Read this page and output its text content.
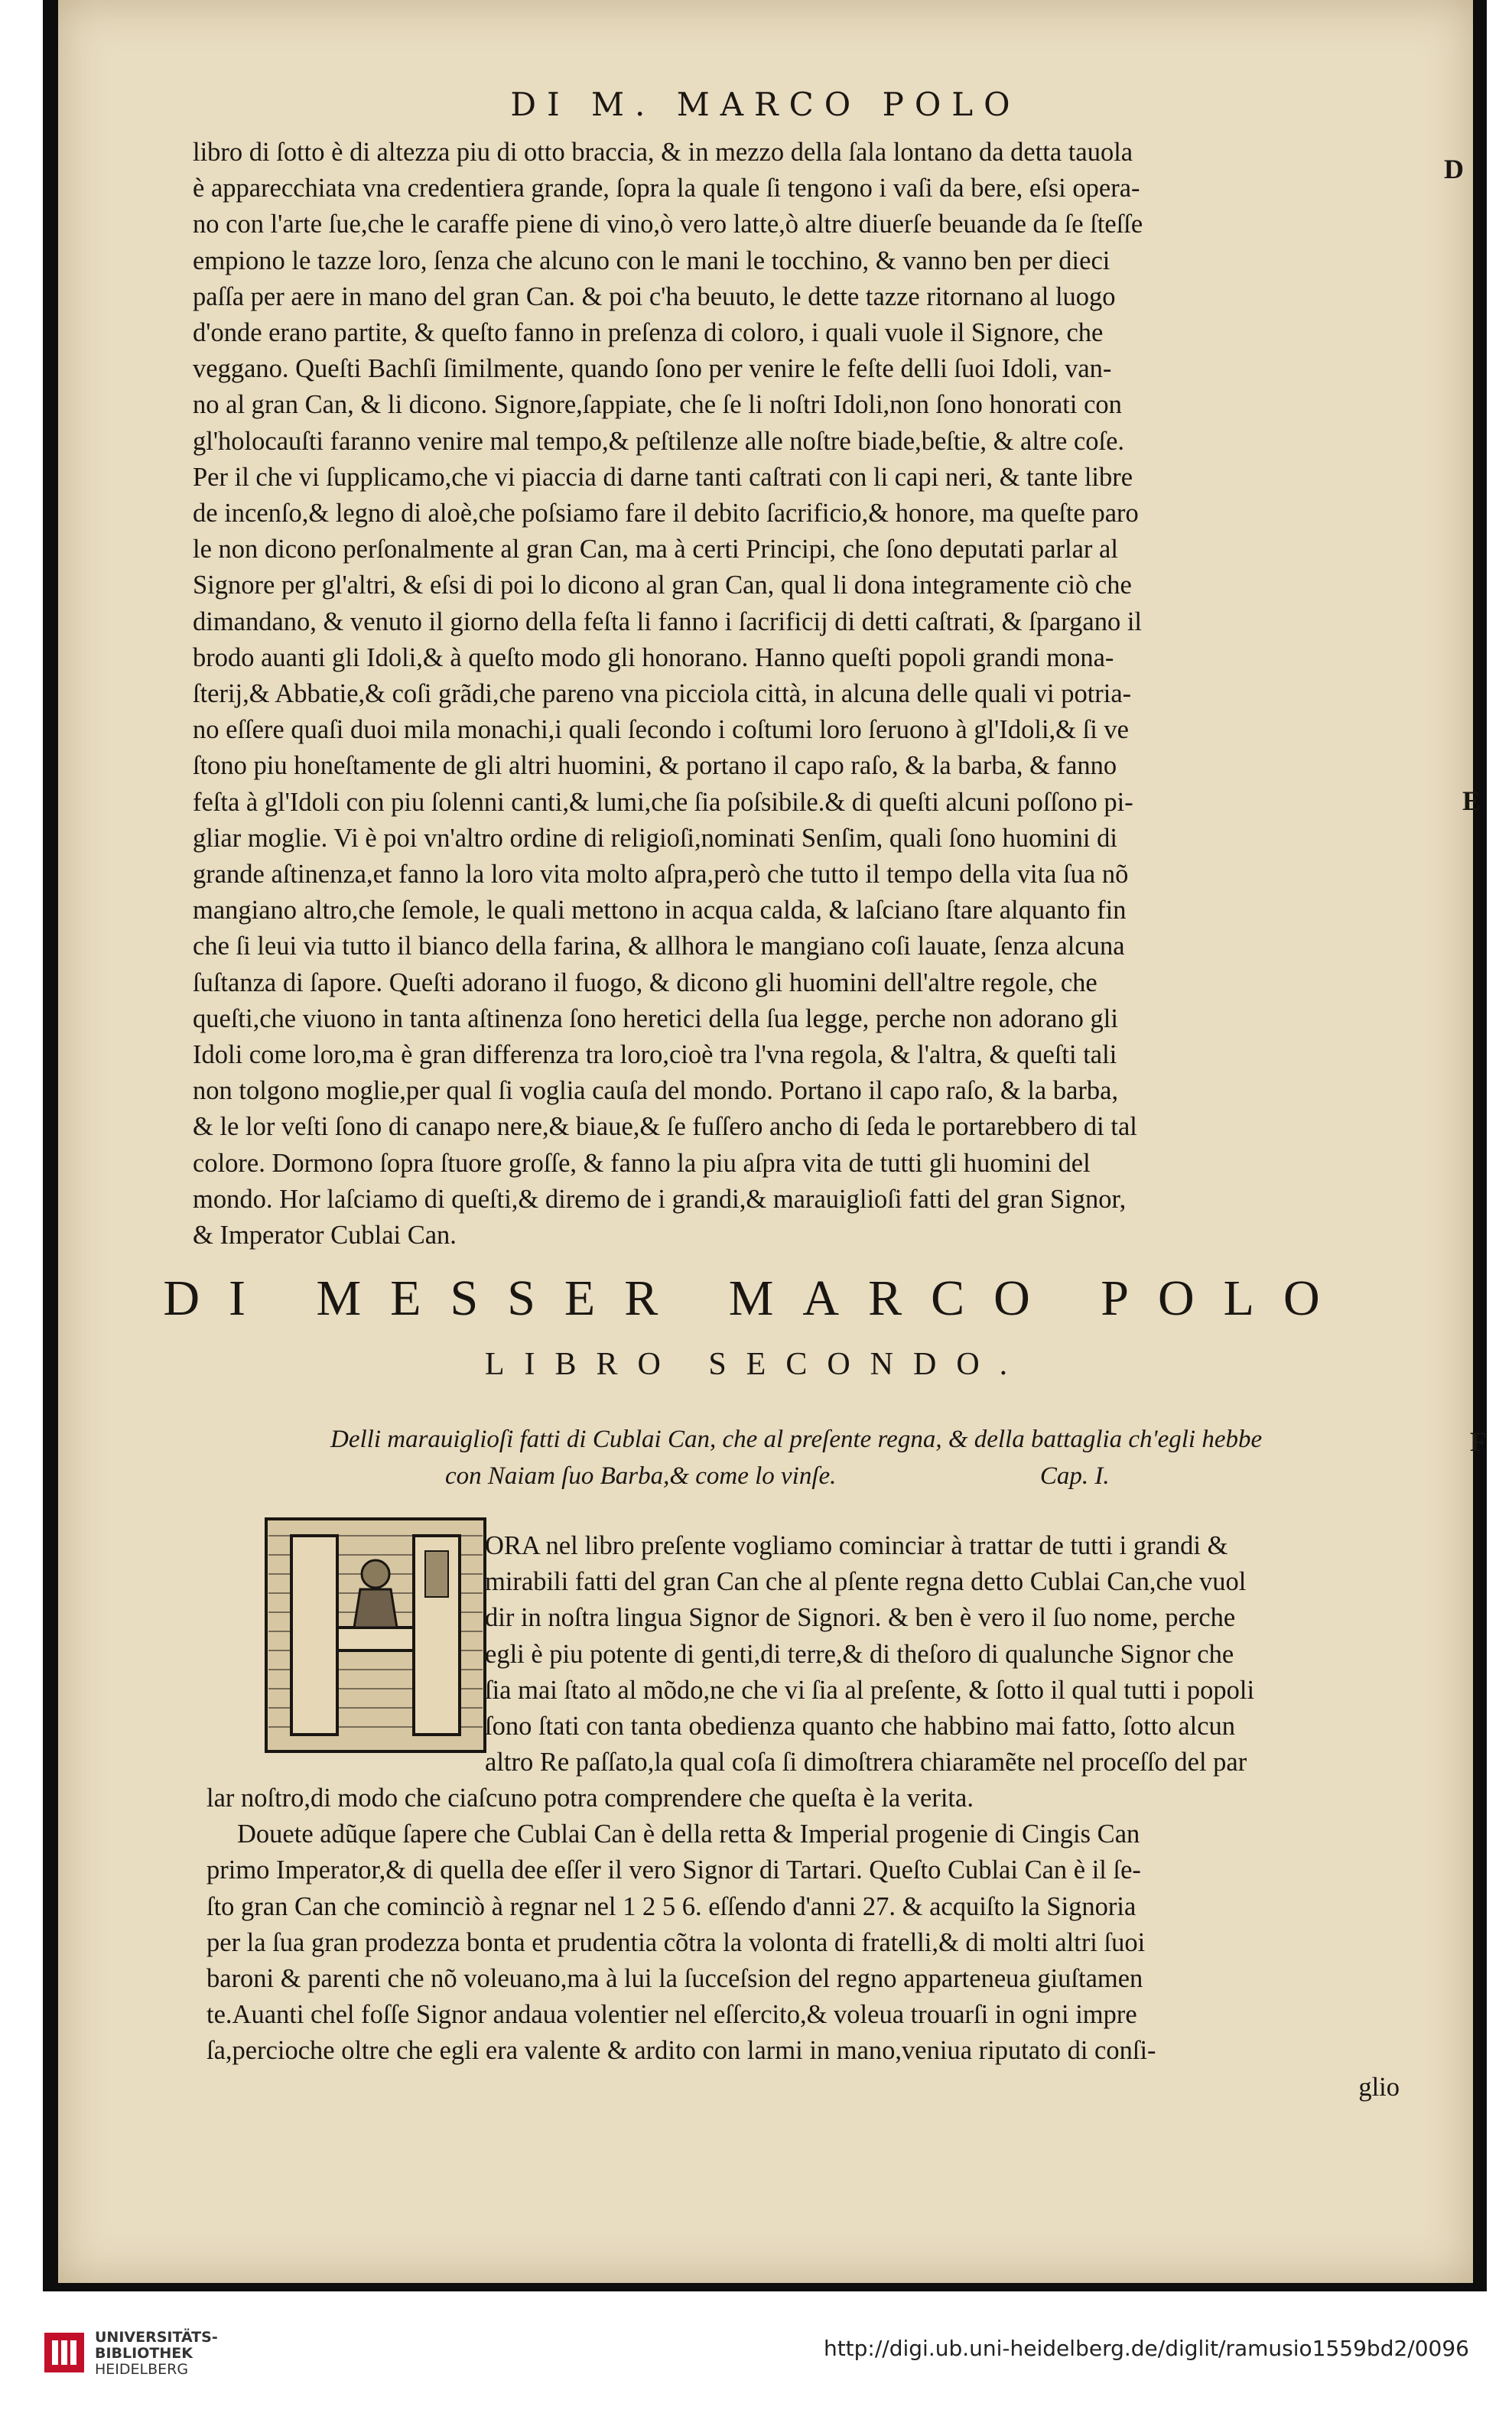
DI M. MARCO POLO
D
E
F
libro di ſotto è di altezza piu di otto braccia, & in mezzo della ſala lontano da detta tauola
è apparecchiata vna credentiera grande, ſopra la quale ſi tengono i vaſi da bere, eſsi opera-
no con l'arte ſue,che le caraffe piene di vino,ò vero latte,ò altre diuerſe beuande da ſe ſteſſe
empiono le tazze loro, ſenza che alcuno con le mani le tocchino, & vanno ben per dieci
paſſa per aere in mano del gran Can. & poi c'ha beuuto, le dette tazze ritornano al luogo
d'onde erano partite, & queſto fanno in preſenza di coloro, i quali vuole il Signore, che
veggano. Queſti Bachſi ſimilmente, quando ſono per venire le feſte delli ſuoi Idoli, van-
no al gran Can, & li dicono. Signore,ſappiate, che ſe li noſtri Idoli,non ſono honorati con
gl'holocauſti faranno venire mal tempo,& peſtilenze alle noſtre biade,beſtie, & altre coſe.
Per il che vi ſupplicamo,che vi piaccia di darne tanti caſtrati con li capi neri, & tante libre
de incenſo,& legno di aloè,che poſsiamo fare il debito ſacrificio,& honore, ma queſte paro
le non dicono perſonalmente al gran Can, ma à certi Principi, che ſono deputati parlar al
Signore per gl'altri, & eſsi di poi lo dicono al gran Can, qual li dona integramente ciò che
dimandano, & venuto il giorno della feſta li fanno i ſacrificij di detti caſtrati, & ſpargano il
brodo auanti gli Idoli,& à queſto modo gli honorano. Hanno queſti popoli grandi mona-
ſterij,& Abbatie,& coſi grãdi,che pareno vna picciola città, in alcuna delle quali vi potria-
no eſſere quaſi duoi mila monachi,i quali ſecondo i coſtumi loro ſeruono à gl'Idoli,& ſi ve
ſtono piu honeſtamente de gli altri huomini, & portano il capo raſo, & la barba, & fanno
feſta à gl'Idoli con piu ſolenni canti,& lumi,che ſia poſsibile.& di queſti alcuni poſſono pi-
gliar moglie. Vi è poi vn'altro ordine di religioſi,nominati Senſim, quali ſono huomini di
grande aſtinenza,et fanno la loro vita molto aſpra,però che tutto il tempo della vita ſua nõ
mangiano altro,che ſemole, le quali mettono in acqua calda, & laſciano ſtare alquanto fin
che ſi leui via tutto il bianco della farina, & allhora le mangiano coſi lauate, ſenza alcuna
ſuſtanza di ſapore. Queſti adorano il fuogo, & dicono gli huomini dell'altre regole, che
queſti,che viuono in tanta aſtinenza ſono heretici della ſua legge, perche non adorano gli
Idoli come loro,ma è gran differenza tra loro,cioè tra l'vna regola, & l'altra, & queſti tali
non tolgono moglie,per qual ſi voglia cauſa del mondo. Portano il capo raſo, & la barba,
& le lor veſti ſono di canapo nere,& biaue,& ſe fuſſero ancho di ſeda le portarebbero di tal
colore. Dormono ſopra ſtuore groſſe, & fanno la piu aſpra vita de tutti gli huomini del
mondo. Hor laſciamo di queſti,& diremo de i grandi,& marauiglioſi fatti del gran Signor,
& Imperator Cublai Can.
DI MESSER MARCO POLO
LIBRO SECONDO.
Delli marauiglioſi fatti di Cublai Can, che al preſente regna, & della battaglia ch'egli hebbe
con Naiam ſuo Barba,& come lo vinſe.	Cap. I.
ORA nel libro preſente vogliamo cominciar à trattar de tutti i grandi &
mirabili fatti del gran Can che al pſente regna detto Cublai Can,che vuol
dir in noſtra lingua Signor de Signori. & ben è vero il ſuo nome, perche
egli è piu potente di genti,di terre,& di theſoro di qualunche Signor che
ſia mai ſtato al mõdo,ne che vi ſia al preſente, & ſotto il qual tutti i popoli
ſono ſtati con tanta obedienza quanto che habbino mai fatto, ſotto alcun
altro Re paſſato,la qual coſa ſi dimoſtrera chiaramẽte nel proceſſo del par
lar noſtro,di modo che ciaſcuno potra comprendere che queſta è la verita.
Douete adũque ſapere che Cublai Can è della retta & Imperial progenie di Cingis Can
primo Imperator,& di quella dee eſſer il vero Signor di Tartari. Queſto Cublai Can è il ſe-
ſto gran Can che cominciò à regnar nel 1 2 5 6. eſſendo d'anni 27. & acquiſto la Signoria
per la ſua gran prodezza bonta et prudentia cõtra la volonta di fratelli,& di molti altri ſuoi
baroni & parenti che nõ voleuano,ma à lui la ſucceſsion del regno apparteneua giuſtamen
te.Auanti chel foſſe Signor andaua volentier nel eſſercito,& voleua trouarſi in ogni impre
ſa,percioche oltre che egli era valente & ardito con larmi in mano,veniua riputato di conſi-
glio
UNIVERSITÄTS-
BIBLIOTHEK
HEIDELBERG
http://digi.ub.uni-heidelberg.de/diglit/ramusio1559bd2/0096
